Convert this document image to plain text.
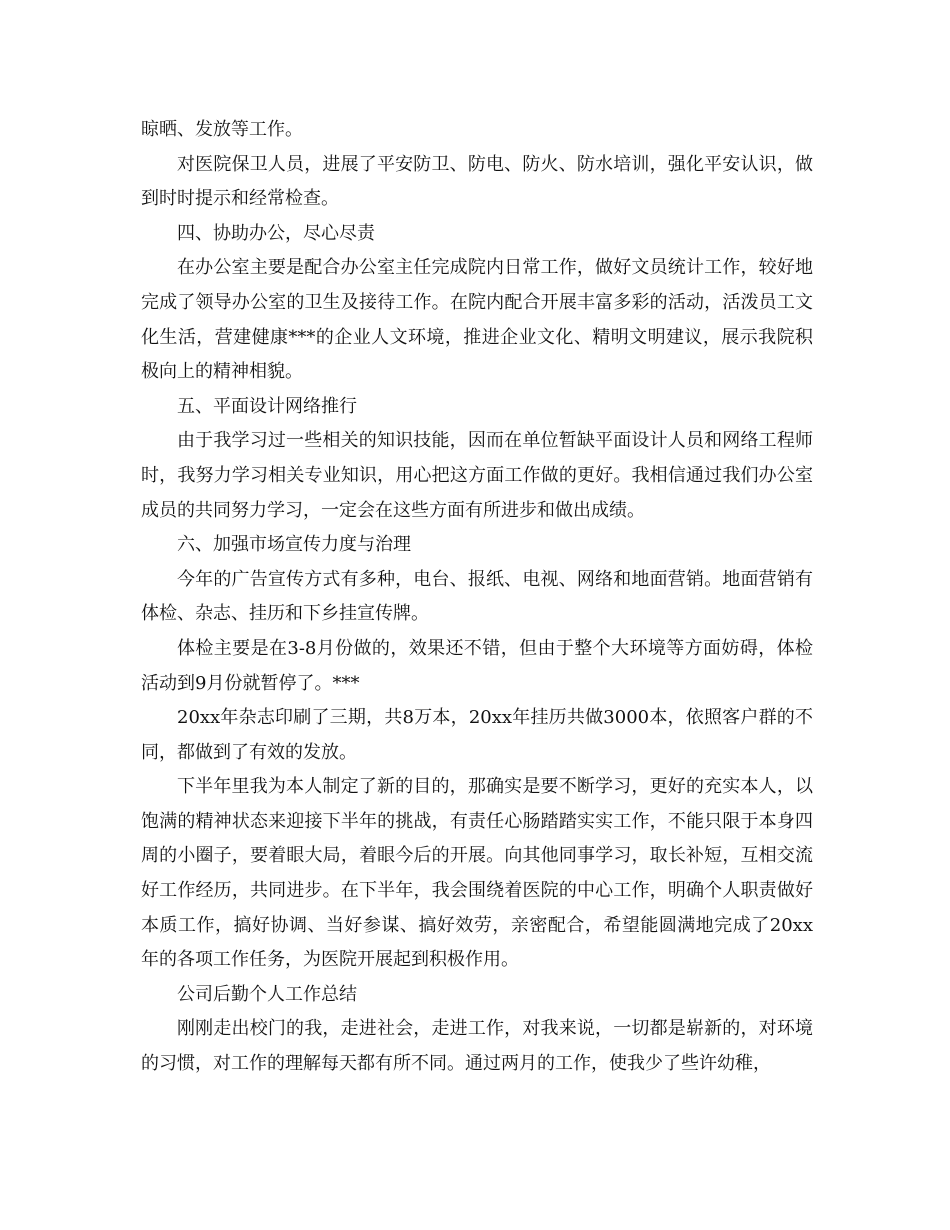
晾晒、发放等工作。

对医院保卫人员，进展了平安防卫、防电、防火、防水培训，强化平安认识，做到时时提示和经常检查。

四、协助办公，尽心尽责

在办公室主要是配合办公室主任完成院内日常工作，做好文员统计工作，较好地完成了领导办公室的卫生及接待工作。在院内配合开展丰富多彩的活动，活泼员工文化生活，营建健康***的企业人文环境，推进企业文化、精明文明建议，展示我院积极向上的精神相貌。

五、平面设计网络推行

由于我学习过一些相关的知识技能，因而在单位暂缺平面设计人员和网络工程师时，我努力学习相关专业知识，用心把这方面工作做的更好。我相信通过我们办公室成员的共同努力学习，一定会在这些方面有所进步和做出成绩。

六、加强市场宣传力度与治理

今年的广告宣传方式有多种，电台、报纸、电视、网络和地面营销。地面营销有体检、杂志、挂历和下乡挂宣传牌。

体检主要是在3-8月份做的，效果还不错，但由于整个大环境等方面妨碍，体检活动到9月份就暂停了。***

20xx年杂志印刷了三期，共8万本，20xx年挂历共做3000本，依照客户群的不同，都做到了有效的发放。

下半年里我为本人制定了新的目的，那确实是要不断学习，更好的充实本人，以饱满的精神状态来迎接下半年的挑战，有责任心肠踏踏实实工作，不能只限于本身四周的小圈子，要着眼大局，着眼今后的开展。向其他同事学习，取长补短，互相交流好工作经历，共同进步。在下半年，我会围绕着医院的中心工作，明确个人职责做好本质工作，搞好协调、当好参谋、搞好效劳，亲密配合，希望能圆满地完成了20xx年的各项工作任务，为医院开展起到积极作用。

公司后勤个人工作总结

刚刚走出校门的我，走进社会，走进工作，对我来说，一切都是崭新的，对环境的习惯，对工作的理解每天都有所不同。通过两月的工作，使我少了些许幼稚，
